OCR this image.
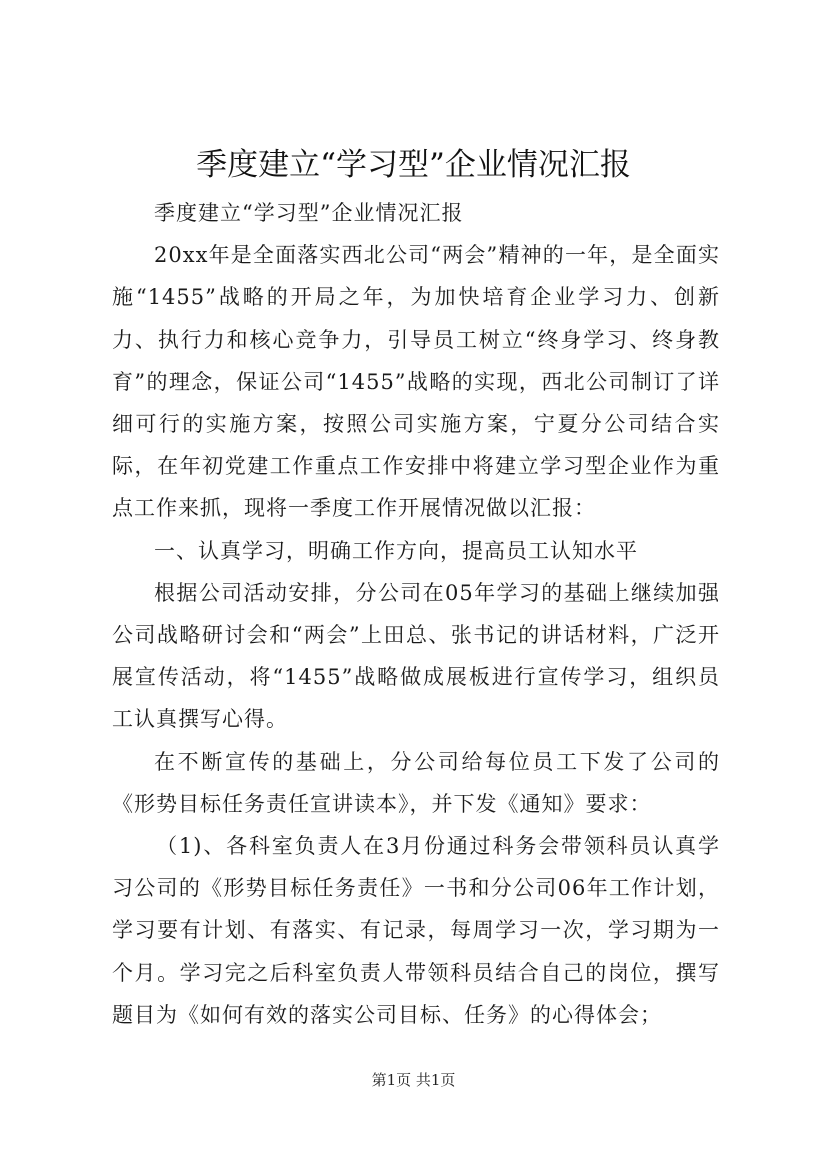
季度建立“学习型”企业情况汇报

季度建立“学习型”企业情况汇报

20xx年是全面落实西北公司“两会”精神的一年，是全面实施“1455”战略的开局之年，为加快培育企业学习力、创新力、执行力和核心竞争力，引导员工树立“终身学习、终身教育”的理念，保证公司“1455”战略的实现，西北公司制订了详细可行的实施方案，按照公司实施方案，宁夏分公司结合实际，在年初党建工作重点工作安排中将建立学习型企业作为重点工作来抓，现将一季度工作开展情况做以汇报：

一、认真学习，明确工作方向，提高员工认知水平

根据公司活动安排，分公司在05年学习的基础上继续加强公司战略研讨会和“两会”上田总、张书记的讲话材料，广泛开展宣传活动，将“1455”战略做成展板进行宣传学习，组织员工认真撰写心得。

在不断宣传的基础上，分公司给每位员工下发了公司的《形势目标任务责任宣讲读本》，并下发《通知》要求：

（1)、各科室负责人在3月份通过科务会带领科员认真学习公司的《形势目标任务责任》一书和分公司06年工作计划，学习要有计划、有落实、有记录，每周学习一次，学习期为一个月。学习完之后科室负责人带领科员结合自己的岗位，撰写题目为《如何有效的落实公司目标、任务》的心得体会；

第1页 共1页
